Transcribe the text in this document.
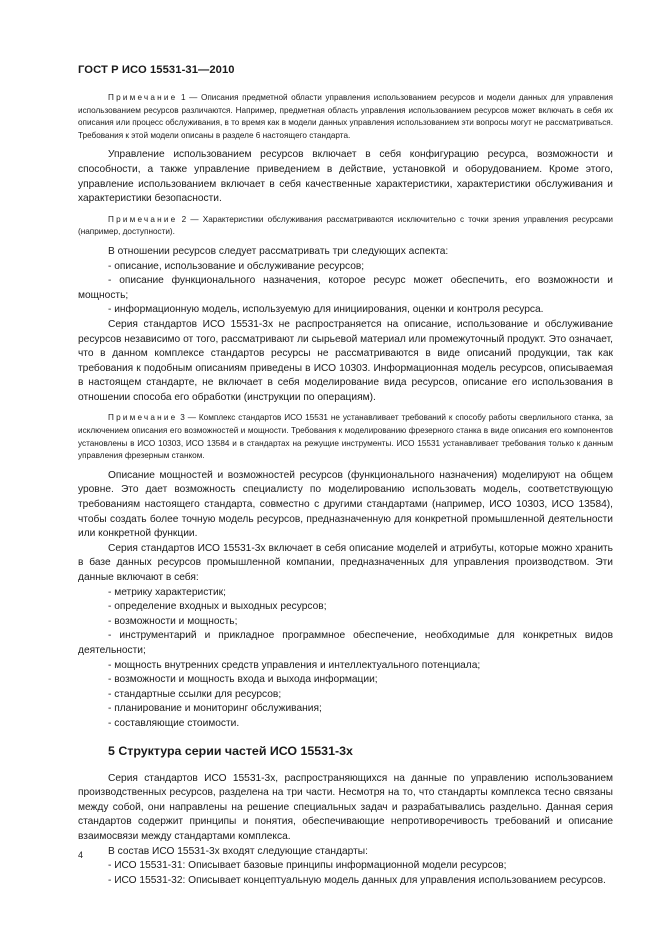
ГОСТ Р ИСО 15531-31—2010
Примечание 1 — Описания предметной области управления использованием ресурсов и модели данных для управления использованием ресурсов различаются. Например, предметная область управления использованием ресурсов может включать в себя их описания или процесс обслуживания, в то время как в модели данных управления использованием эти вопросы могут не рассматриваться. Требования к этой модели описаны в разделе 6 настоящего стандарта.

Управление использованием ресурсов включает в себя конфигурацию ресурса, возможности и способности, а также управление приведением в действие, установкой и оборудованием. Кроме этого, управление использованием включает в себя качественные характеристики, характеристики обслуживания и характеристики безопасности.

Примечание 2 — Характеристики обслуживания рассматриваются исключительно с точки зрения управления ресурсами (например, доступности).

В отношении ресурсов следует рассматривать три следующих аспекта:

- описание, использование и обслуживание ресурсов;

- описание функционального назначения, которое ресурс может обеспечить, его возможности и мощность;

- информационную модель, используемую для инициирования, оценки и контроля ресурса.

Серия стандартов ИСО 15531-3х не распространяется на описание, использование и обслуживание ресурсов независимо от того, рассматривают ли сырьевой материал или промежуточный продукт. Это означает, что в данном комплексе стандартов ресурсы не рассматриваются в виде описаний продукции, так как требования к подобным описаниям приведены в ИСО 10303. Информационная модель ресурсов, описываемая в настоящем стандарте, не включает в себя моделирование вида ресурсов, описание его использования в отношении способа его обработки (инструкции по операциям).

Примечание 3 — Комплекс стандартов ИСО 15531 не устанавливает требований к способу работы сверлильного станка, за исключением описания его возможностей и мощности. Требования к моделированию фрезерного станка в виде описания его компонентов установлены в ИСО 10303, ИСО 13584 и в стандартах на режущие инструменты. ИСО 15531 устанавливает требования только к данным управления фрезерным станком.

Описание мощностей и возможностей ресурсов (функционального назначения) моделируют на общем уровне. Это дает возможность специалисту по моделированию использовать модель, соответствующую требованиям настоящего стандарта, совместно с другими стандартами (например, ИСО 10303, ИСО 13584), чтобы создать более точную модель ресурсов, предназначенную для конкретной промышленной деятельности или конкретной функции.

Серия стандартов ИСО 15531-3х включает в себя описание моделей и атрибуты, которые можно хранить в базе данных ресурсов промышленной компании, предназначенных для управления производством. Эти данные включают в себя:

- метрику характеристик;

- определение входных и выходных ресурсов;

- возможности и мощность;

- инструментарий и прикладное программное обеспечение, необходимые для конкретных видов деятельности;

- мощность внутренних средств управления и интеллектуального потенциала;

- возможности и мощность входа и выхода информации;

- стандартные ссылки для ресурсов;

- планирование и мониторинг обслуживания;

- составляющие стоимости.

5 Структура серии частей ИСО 15531-3х

Серия стандартов ИСО 15531-3х, распространяющихся на данные по управлению использованием производственных ресурсов, разделена на три части. Несмотря на то, что стандарты комплекса тесно связаны между собой, они направлены на решение специальных задач и разрабатывались раздельно. Данная серия стандартов содержит принципы и понятия, обеспечивающие непротиворечивость требований и описание взаимосвязи между стандартами комплекса.

В состав ИСО 15531-3х входят следующие стандарты:

- ИСО 15531-31: Описывает базовые принципы информационной модели ресурсов;

- ИСО 15531-32: Описывает концептуальную модель данных для управления использованием ресурсов.

4
